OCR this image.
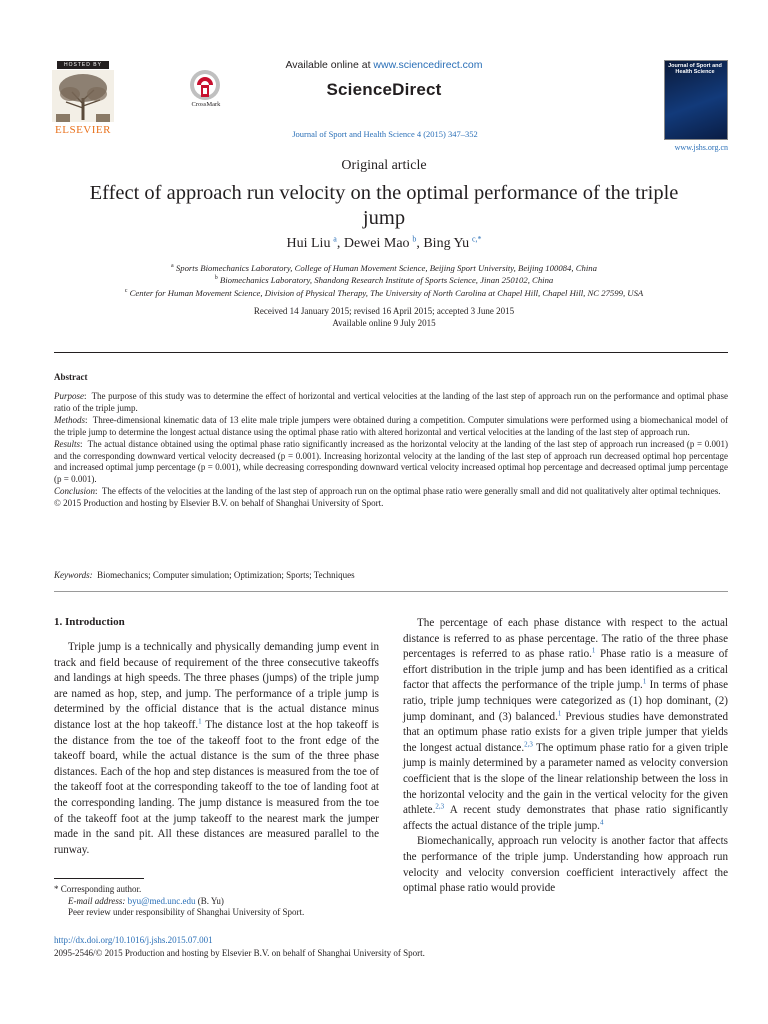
HOSTED BY
ELSEVIER
CrossMark
Available online at www.sciencedirect.com
ScienceDirect
Journal of Sport and Health Science 4 (2015) 347–352
Journal of Sport and Health Science
www.jshs.org.cn
Original article
Effect of approach run velocity on the optimal performance of the triple jump
Hui Liu  $^a$, Dewei Mao  $^b$, Bing Yu  $^{c,*}$
$^a$ Sports Biomechanics Laboratory, College of Human Movement Science, Beijing Sport University, Beijing 100084, China
$^b$ Biomechanics Laboratory, Shandong Research Institute of Sports Science, Jinan 250102, China
$^c$ Center for Human Movement Science, Division of Physical Therapy, The University of North Carolina at Chapel Hill, Chapel Hill, NC 27599, USA
Received 14 January 2015; revised 16 April 2015; accepted 3 June 2015
Available online 9 July 2015
Abstract

Purpose:  The purpose of this study was to determine the effect of horizontal and vertical velocities at the landing of the last step of approach run on the performance and optimal phase ratio of the triple jump.

Methods:  Three-dimensional kinematic data of 13 elite male triple jumpers were obtained during a competition. Computer simulations were performed using a biomechanical model of the triple jump to determine the longest actual distance using the optimal phase ratio with altered horizontal and vertical velocities at the landing of the last step of approach run.

Results:  The actual distance obtained using the optimal phase ratio significantly increased as the horizontal velocity at the landing of the last step of approach run increased (p = 0.001) and the corresponding downward vertical velocity decreased (p = 0.001). Increasing horizontal velocity at the landing of the last step of approach run decreased optimal hop percentage and increased optimal jump percentage (p = 0.001), while decreasing corresponding downward vertical velocity increased optimal hop percentage and decreased optimal jump percentage (p = 0.001).

Conclusion:  The effects of the velocities at the landing of the last step of approach run on the optimal phase ratio were generally small and did not qualitatively alter optimal techniques.

© 2015 Production and hosting by Elsevier B.V. on behalf of Shanghai University of Sport.

Keywords: Biomechanics; Computer simulation; Optimization; Sports; Techniques
1. Introduction

Triple jump is a technically and physically demanding jump event in track and field because of requirement of the three consecutive takeoffs and landings at high speeds. The three phases (jumps) of the triple jump are named as hop, step, and jump. The performance of a triple jump is determined by the official distance that is the actual distance minus distance lost at the hop takeoff.$^1$ The distance lost at the hop takeoff is the distance from the toe of the takeoff foot to the front edge of the takeoff board, while the actual distance is the sum of the three phase distances. Each of the hop and step distances is measured from the toe of the takeoff foot at the corresponding takeoff to the toe of landing foot at the corresponding landing. The jump distance is measured from the toe of the takeoff foot at the jump takeoff to the nearest mark the jumper made in the sand pit. All these distances are measured parallel to the runway.

The percentage of each phase distance with respect to the actual distance is referred to as phase percentage. The ratio of the three phase percentages is referred to as phase ratio.$^1$ Phase ratio is a measure of effort distribution in the triple jump and has been identified as a critical factor that affects the performance of the triple jump.$^1$ In terms of phase ratio, triple jump techniques were categorized as (1) hop dominant, (2) jump dominant, and (3) balanced.$^1$ Previous studies have demonstrated that an optimum phase ratio exists for a given triple jumper that yields the longest actual distance.$^{2,3}$ The optimum phase ratio for a given triple jump is mainly determined by a parameter named as velocity conversion coefficient that is the slope of the linear relationship between the loss in the horizontal velocity and the gain in the vertical velocity for the given athlete.$^{2,3}$ A recent study demonstrates that phase ratio significantly affects the actual distance of the triple jump.$^4$

Biomechanically, approach run velocity is another factor that affects the performance of the triple jump. Understanding how approach run velocity and velocity conversion coefficient interactively affect the optimal phase ratio would provide

* Corresponding author.
E-mail address: byu@med.unc.edu (B. Yu)
Peer review under responsibility of Shanghai University of Sport.
http://dx.doi.org/10.1016/j.jshs.2015.07.001
2095-2546/© 2015 Production and hosting by Elsevier B.V. on behalf of Shanghai University of Sport.
